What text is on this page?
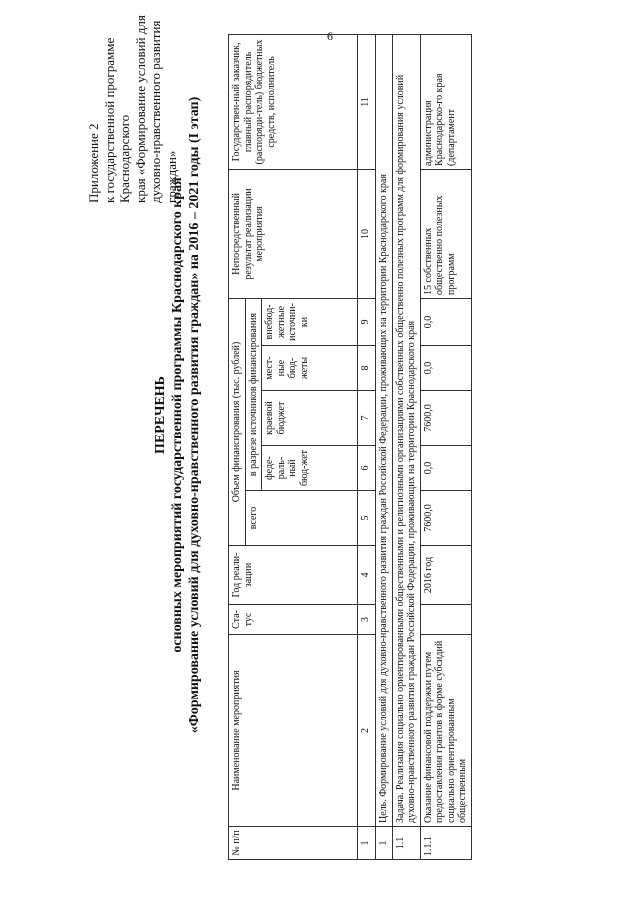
6
Приложение 2 к государственной программе Краснодарского края «Формирование условий для духовно-нравственного развития граждан»
ПЕРЕЧЕНЬ основных мероприятий государственной программы Краснодарского края «Формирование условий для духовно-нравственного развития граждан» на 2016 – 2021 годы (I этап)
№ п/п	Наименование мероприятия	Ста-тус	Год реали-зации	Объем финансирования (тыс. рублей)					Непосредственный результат реализации мероприятия	Государствен-ный заказчик, главный распорядитель (распоряди-тель) бюджетных средств, исполнитель
				всего	в разрезе источников финансирования					
					феде-раль-ный бюд-жет	краевой бюджет	мест-ные бюд-жеты	внебюд-жетные источни-ки		
1	2	3	4	5	6	7	8	9	10	11
1	Цель. Формирование условий для духовно-нравственного развития граждан Российской Федерации, проживающих на территории Краснодарского края									
1.1	Задача. Реализация социально ориентированными общественными и религиозными организациями собственных общественно полезных программ для формирования условий духовно-нравственного развития граждан Российской Федерации, проживающих на территории Краснодарского края									
1.1.1	Оказание финансовой поддержки путем предоставления грантов в форме субсидий социально ориентированным общественным		2016 год	7600,0	0,0	7600,0	0,0	0,0	15 собственных общественно полезных программ	администрация Краснодарско-го края (департамент
